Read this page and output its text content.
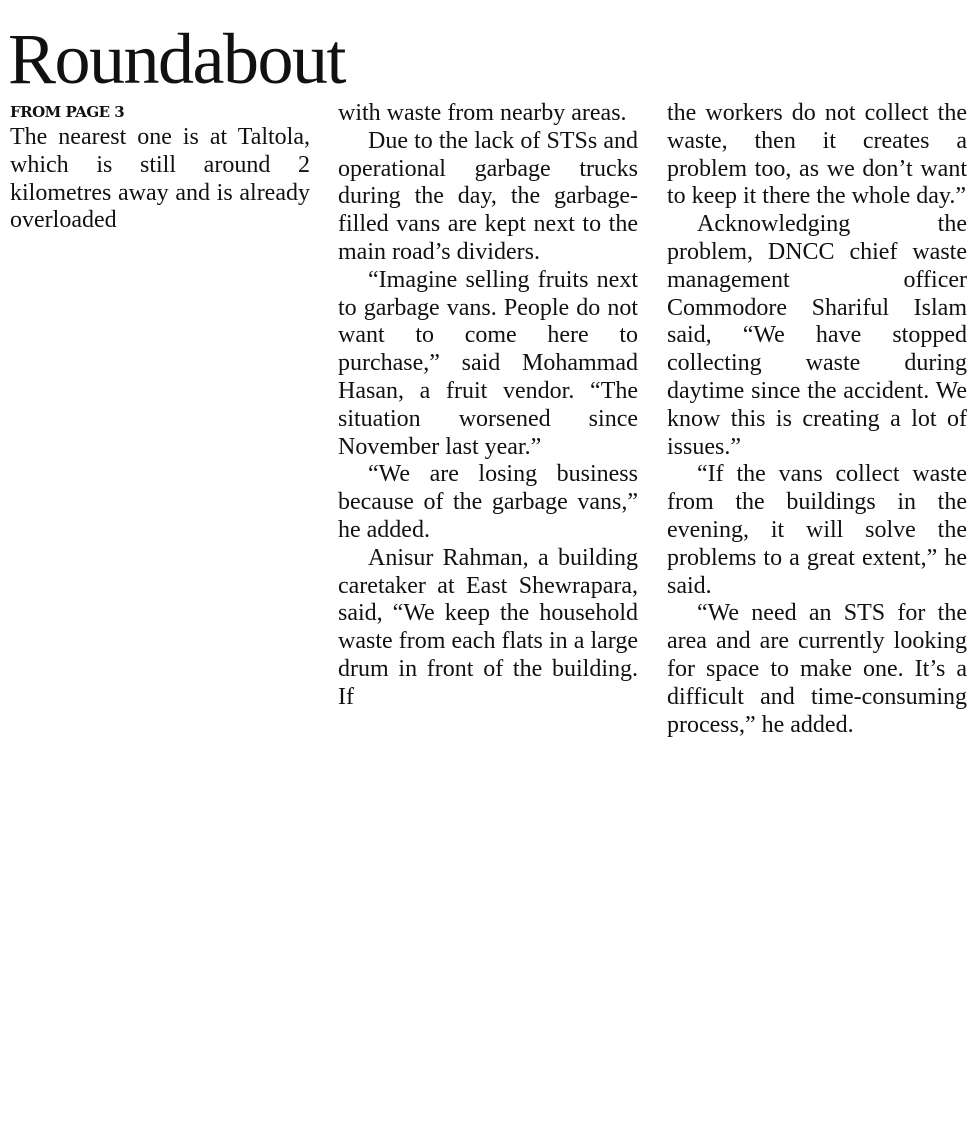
Roundabout

FROM PAGE 3

The nearest one is at Taltola, which is still around 2 kilometres away and is already overloaded

with waste from nearby areas.

Due to the lack of STSs and operational garbage trucks during the day, the garbage-filled vans are kept next to the main road’s dividers.

“Imagine selling fruits next to garbage vans. People do not want to come here to purchase,” said Mohammad Hasan, a fruit vendor. “The situation worsened since November last year.”

“We are losing business because of the garbage vans,” he added.

Anisur Rahman, a building caretaker at East Shewrapara, said, “We keep the household waste from each flats in a large drum in front of the building. If

the workers do not collect the waste, then it creates a problem too, as we don’t want to keep it there the whole day.”

Acknowledging the problem, DNCC chief waste management officer Commodore Shariful Islam said, “We have stopped collecting waste during daytime since the accident. We know this is creating a lot of issues.”

“If the vans collect waste from the buildings in the evening, it will solve the problems to a great extent,” he said.

“We need an STS for the area and are currently looking for space to make one. It’s a difficult and time-consuming process,” he added.
